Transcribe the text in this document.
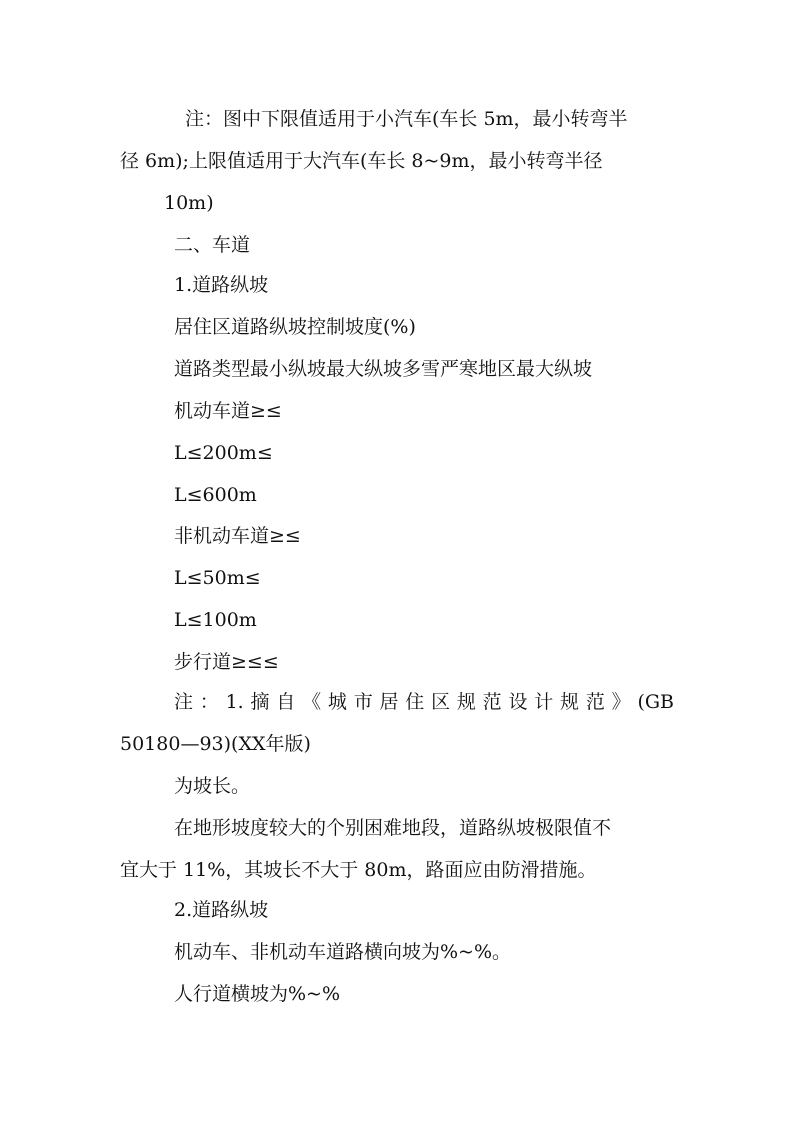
注：图中下限值适用于小汽车(车长 5m，最小转弯半
径 6m);上限值适用于大汽车(车长 8~9m，最小转弯半径
10m)
二、车道
1.道路纵坡
居住区道路纵坡控制坡度(%)
道路类型最小纵坡最大纵坡多雪严寒地区最大纵坡
机动车道≥≤
L≤200m≤
L≤600m
非机动车道≥≤
L≤50m≤
L≤100m
步行道≥≤≤
注：1.摘自《城市居住区规范设计规范》(GB
50180—93)(XX年版)
为坡长。
在地形坡度较大的个别困难地段，道路纵坡极限值不
宜大于 11%，其坡长不大于 80m，路面应由防滑措施。
2.道路纵坡
机动车、非机动车道路横向坡为%~%。
人行道横坡为%~%
